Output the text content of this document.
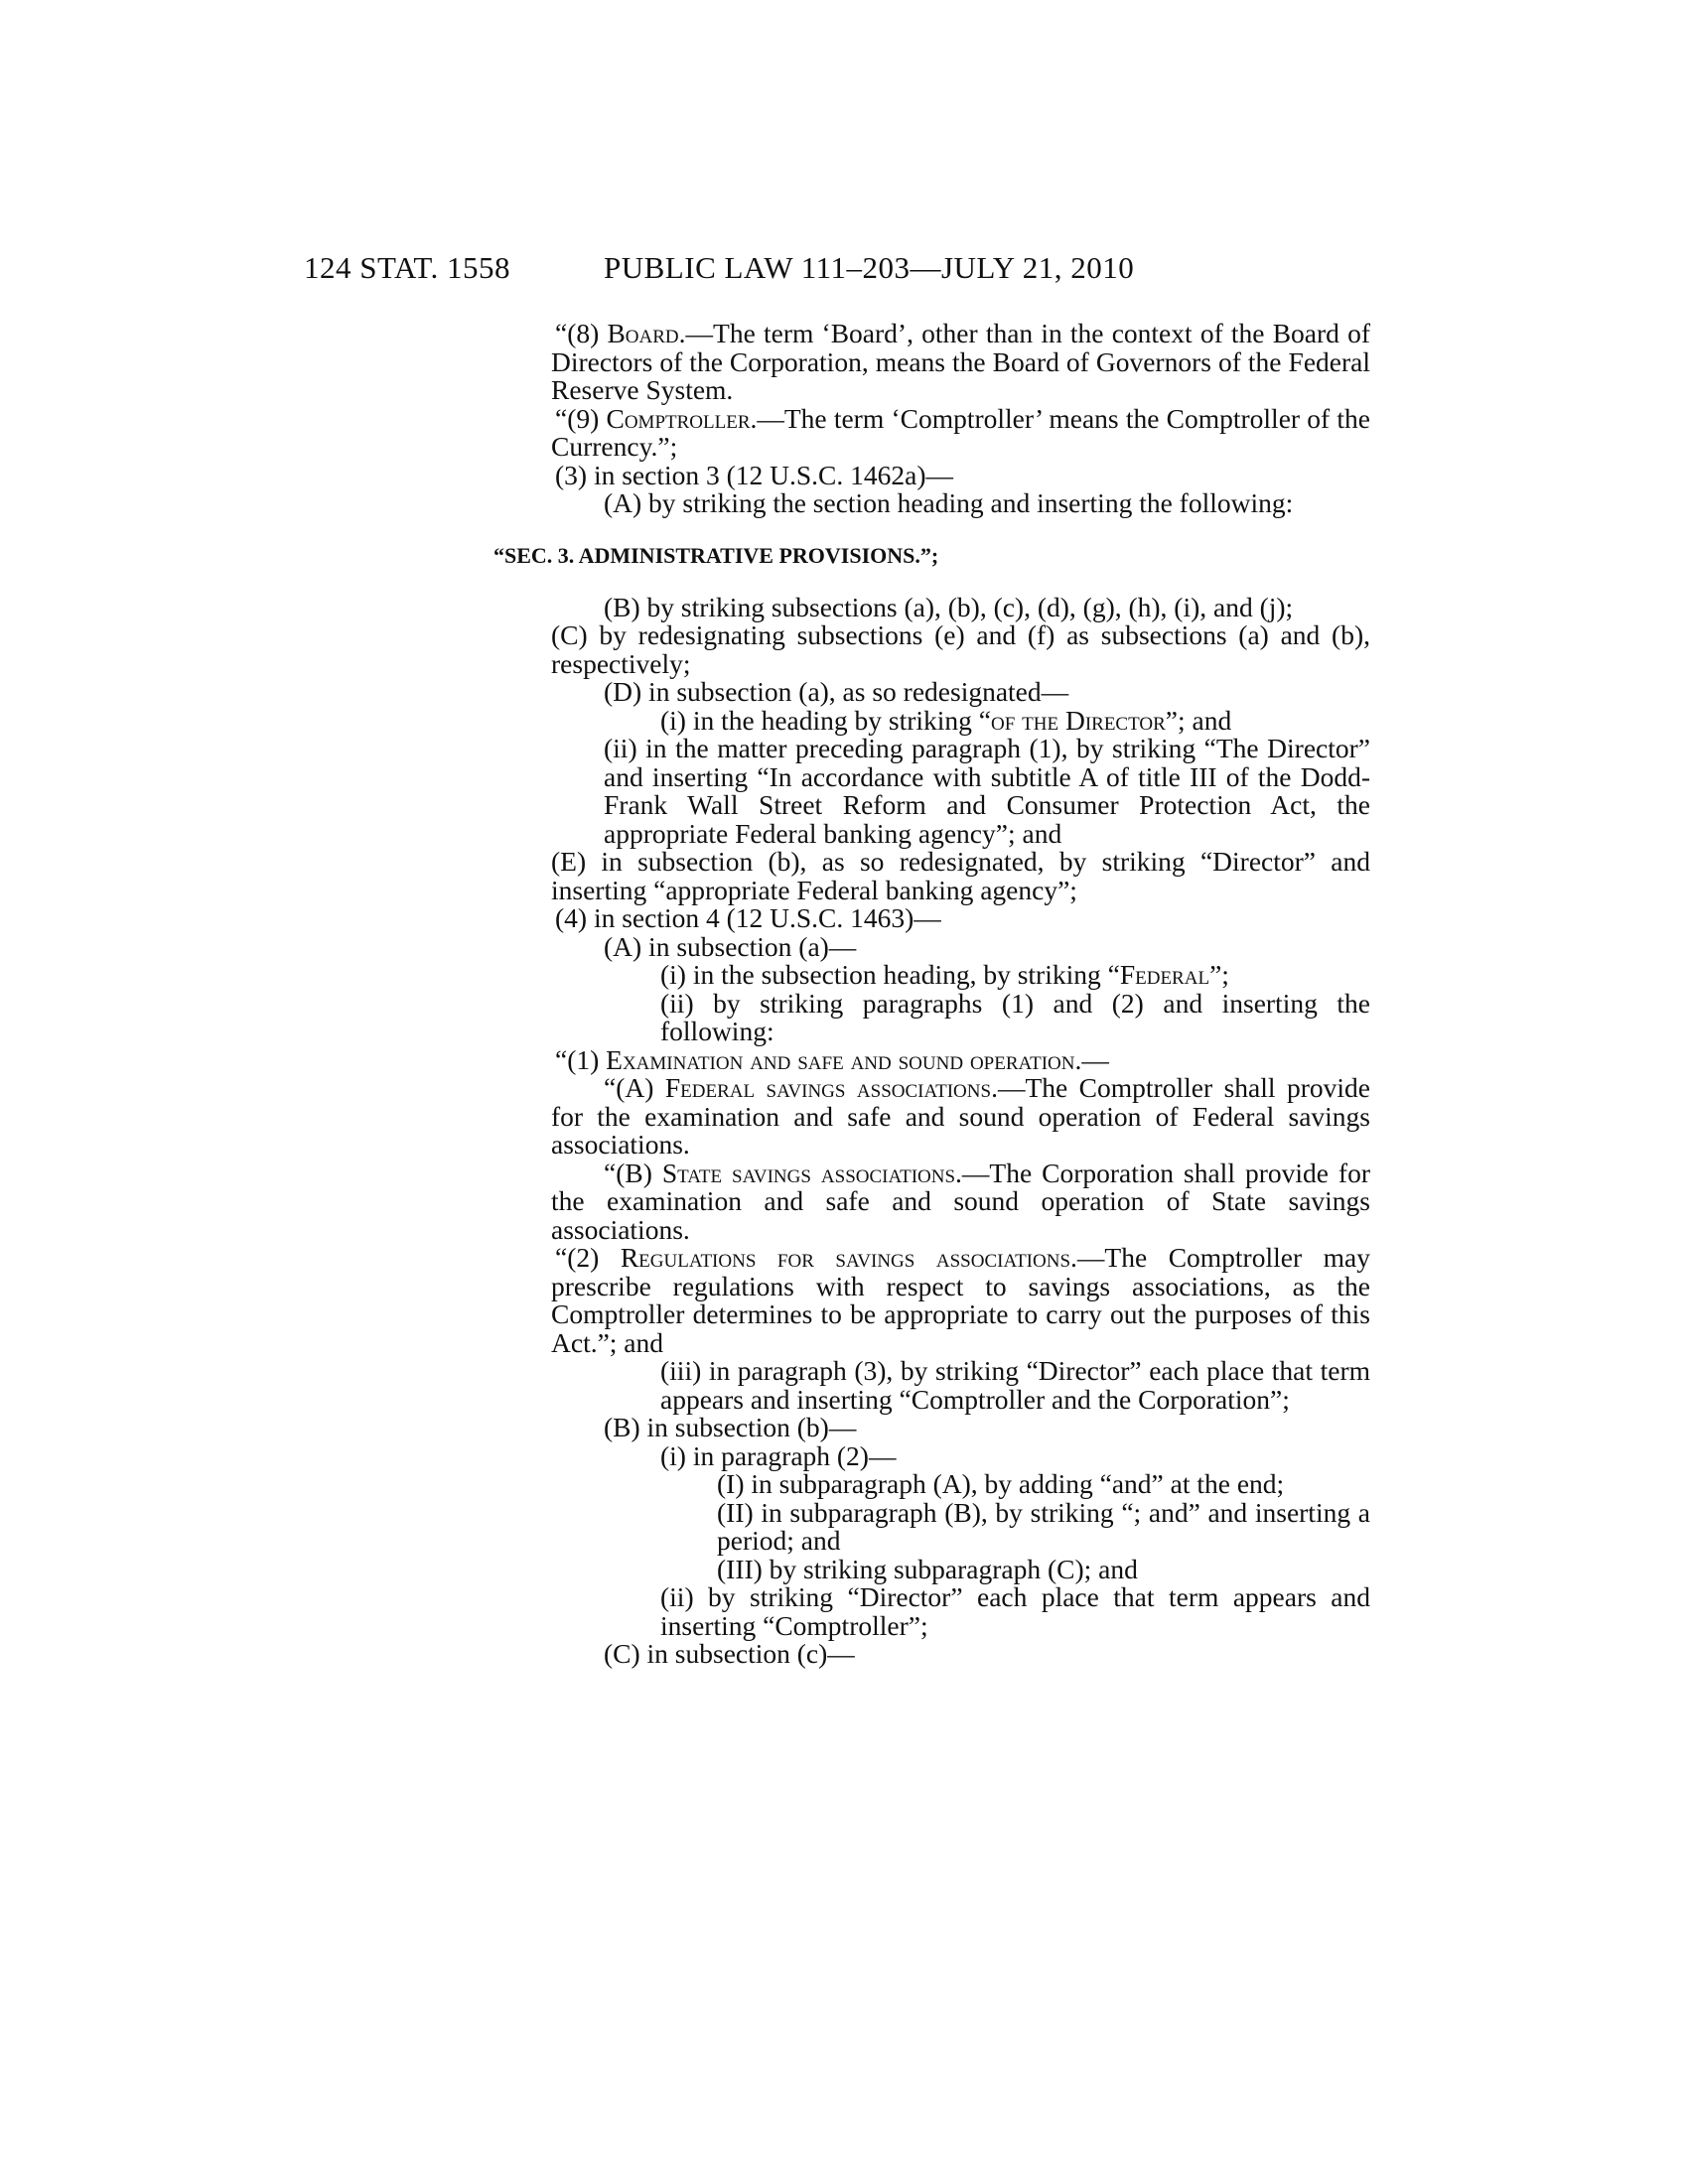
124 STAT. 1558	PUBLIC LAW 111–203—JULY 21, 2010

“(8) Board.—The term ‘Board’, other than in the context of the Board of Directors of the Corporation, means the Board of Governors of the Federal Reserve System.

“(9) Comptroller.—The term ‘Comptroller’ means the Comptroller of the Currency.”;

(3) in section 3 (12 U.S.C. 1462a)—

(A) by striking the section heading and inserting the following:

“SEC. 3. ADMINISTRATIVE PROVISIONS.”;

(B) by striking subsections (a), (b), (c), (d), (g), (h), (i), and (j);

(C) by redesignating subsections (e) and (f) as subsections (a) and (b), respectively;

(D) in subsection (a), as so redesignated—

(i) in the heading by striking “of the Director”; and

(ii) in the matter preceding paragraph (1), by striking “The Director” and inserting “In accordance with subtitle A of title III of the Dodd-Frank Wall Street Reform and Consumer Protection Act, the appropriate Federal banking agency”; and

(E) in subsection (b), as so redesignated, by striking “Director” and inserting “appropriate Federal banking agency”;

(4) in section 4 (12 U.S.C. 1463)—

(A) in subsection (a)—

(i) in the subsection heading, by striking “Federal”;

(ii) by striking paragraphs (1) and (2) and inserting the following:

“(1) Examination and safe and sound operation.—

“(A) Federal savings associations.—The Comptroller shall provide for the examination and safe and sound operation of Federal savings associations.

“(B) State savings associations.—The Corporation shall provide for the examination and safe and sound operation of State savings associations.

“(2) Regulations for savings associations.—The Comptroller may prescribe regulations with respect to savings associations, as the Comptroller determines to be appropriate to carry out the purposes of this Act.”; and

(iii) in paragraph (3), by striking “Director” each place that term appears and inserting “Comptroller and the Corporation”;

(B) in subsection (b)—

(i) in paragraph (2)—

(I) in subparagraph (A), by adding “and” at the end;

(II) in subparagraph (B), by striking “; and” and inserting a period; and

(III) by striking subparagraph (C); and

(ii) by striking “Director” each place that term appears and inserting “Comptroller”;

(C) in subsection (c)—
